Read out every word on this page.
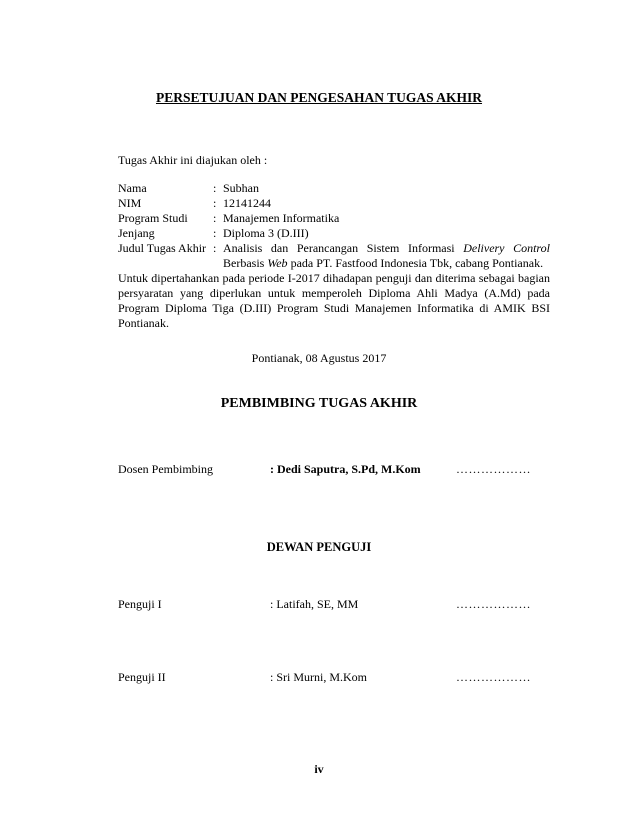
PERSETUJUAN DAN PENGESAHAN TUGAS AKHIR
Tugas Akhir ini diajukan oleh :
Nama	: Subhan
NIM	: 12141244
Program Studi : Manajemen Informatika
Jenjang	: Diploma 3 (D.III)
Judul Tugas Akhir : Analisis dan Perancangan Sistem Informasi Delivery Control Berbasis Web pada PT. Fastfood Indonesia Tbk, cabang Pontianak.
Untuk dipertahankan pada periode I-2017 dihadapan penguji dan diterima sebagai bagian persyaratan yang diperlukan untuk memperoleh Diploma Ahli Madya (A.Md) pada Program Diploma Tiga (D.III) Program Studi Manajemen Informatika di AMIK BSI Pontianak.
Pontianak, 08 Agustus 2017
PEMBIMBING TUGAS AKHIR
Dosen Pembimbing	: Dedi Saputra, S.Pd, M.Kom	………………
DEWAN PENGUJI
Penguji I	: Latifah, SE, MM	………………
Penguji II	: Sri Murni, M.Kom	………………
iv
